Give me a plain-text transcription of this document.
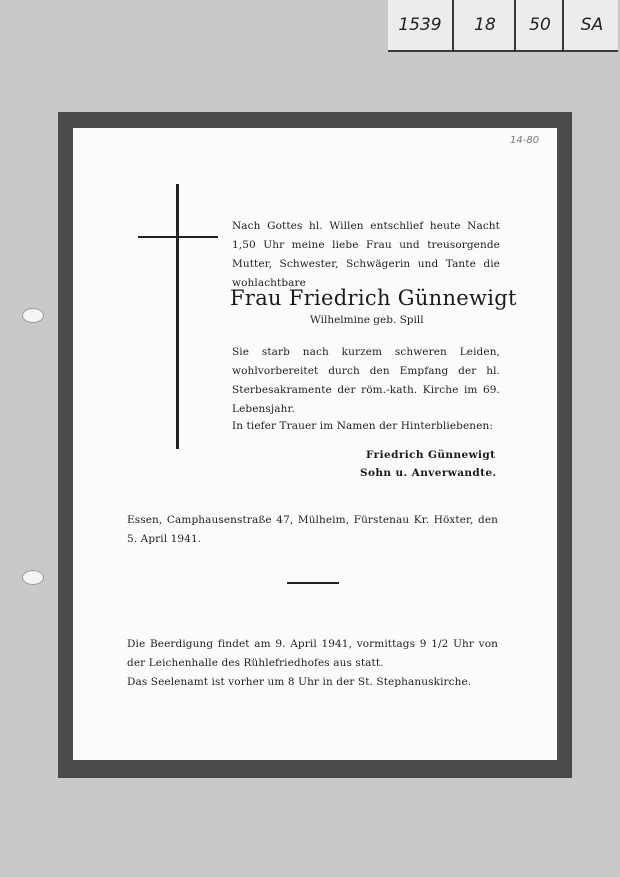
1539	18	50	SA
14-80
Nach Gottes hl. Willen entschlief heute Nacht 1,50 Uhr meine liebe Frau und treusorgende Mutter, Schwester, Schwägerin und Tante die wohlachtbare
Frau Friedrich Günnewigt
Wilhelmine geb. Spill
Sie starb nach kurzem schweren Leiden, wohlvorbereitet durch den Empfang der hl. Sterbesakramente der röm.-kath. Kirche im 69. Lebensjahr.
In tiefer Trauer im Namen der Hinterbliebenen:
Friedrich Günnewigt
Sohn u. Anverwandte.
Essen, Camphausenstraße 47, Mülheim, Fürstenau Kr. Höxter, den 5. April 1941.
Die Beerdigung findet am 9. April 1941, vormittags 9 1/2 Uhr von der Leichenhalle des Rühlefriedhofes aus statt.
Das Seelenamt ist vorher um 8 Uhr in der St. Stephanuskirche.
